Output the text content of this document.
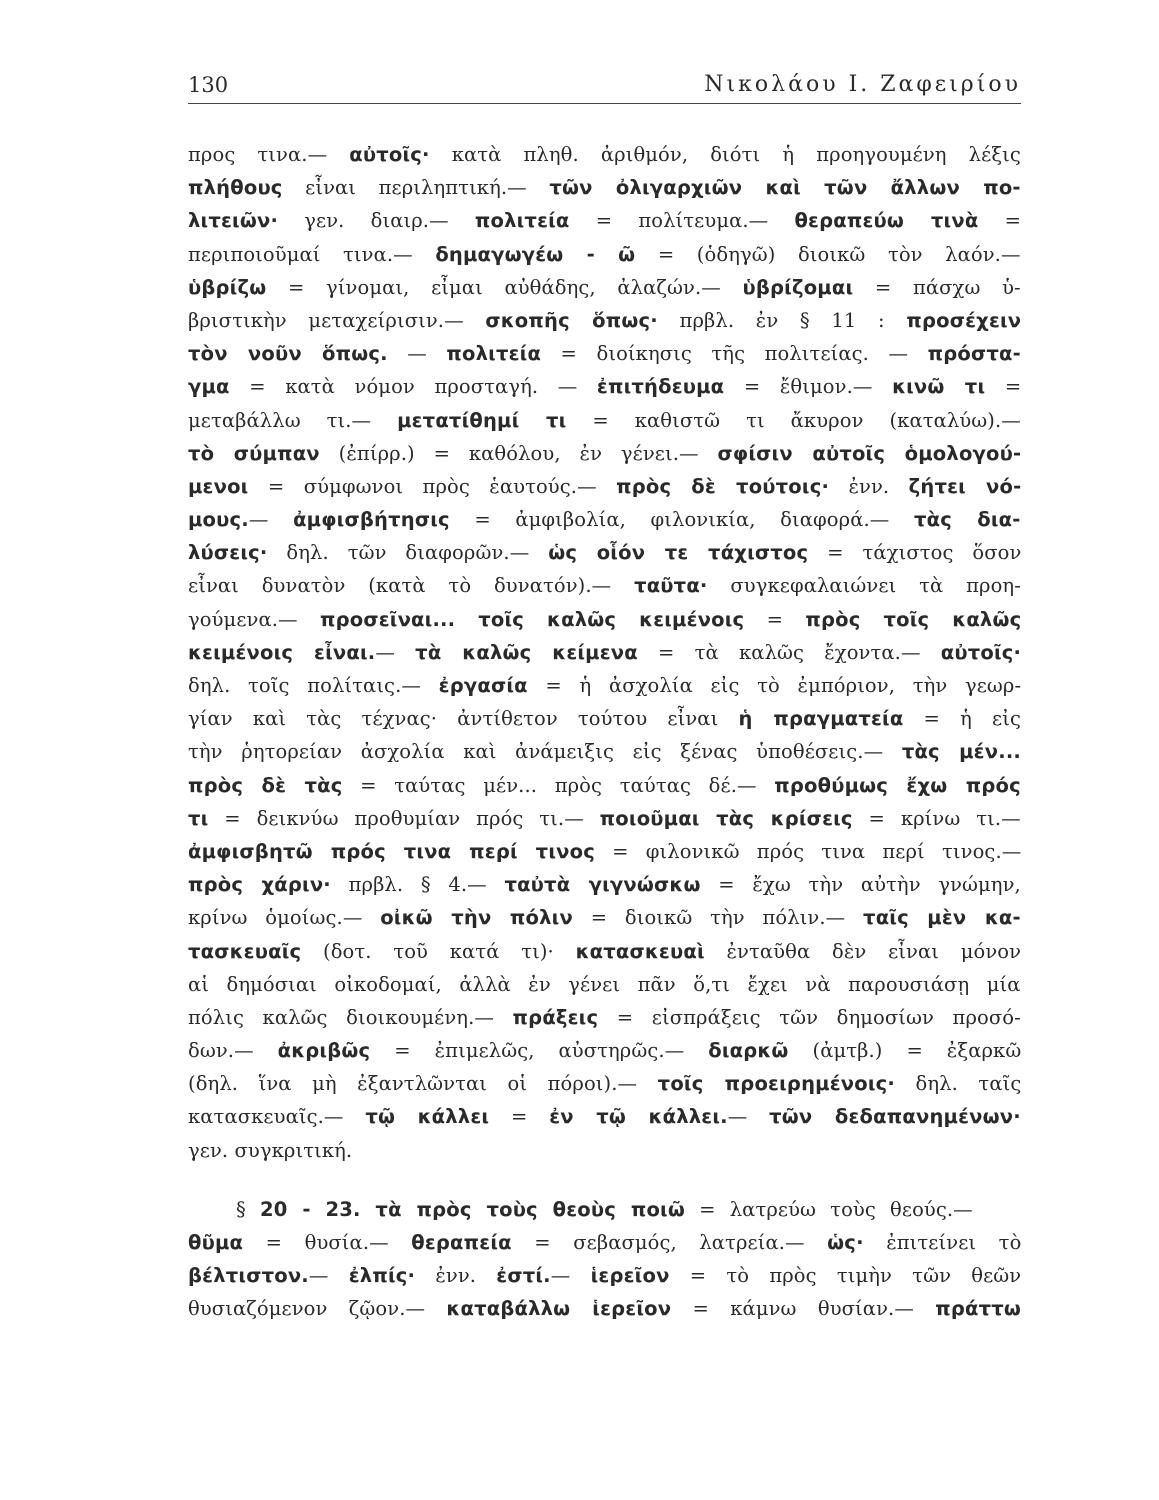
130	Νικολάου Ι. Ζαφειρίου
προς τινα.— αὐτοῖς· κατὰ πληθ. ἀριθμόν, διότι ἡ προηγουμένη λέξις
πλήθους εἶναι περιληπτική.— τῶν ὀλιγαρχιῶν καὶ τῶν ἄλλων πο-
λιτειῶν· γεν. διαιρ.— πολιτεία = πολίτευμα.— θεραπεύω τινὰ =
περιποιοῦμαί τινα.— δημαγωγέω - ῶ = (ὁδηγῶ) διοικῶ τὸν λαόν.—
ὑβρίζω = γίνομαι, εἶμαι αὐθάδης, ἀλαζών.— ὑβρίζομαι = πάσχω ὑ-
βριστικὴν μεταχείρισιν.— σκοπῆς ὅπως· πρβλ. ἐν § 11 : προσέχειν
τὸν νοῦν ὅπως. — πολιτεία = διοίκησις τῆς πολιτείας. — πρόστα-
γμα = κατὰ νόμον προσταγή. — ἐπιτήδευμα = ἔθιμον.— κινῶ τι =
μεταβάλλω τι.— μετατίθημί τι = καθιστῶ τι ἄκυρον (καταλύω).—
τὸ σύμπαν (ἐπίρρ.) = καθόλου, ἐν γένει.— σφίσιν αὐτοῖς ὁμολογού-
μενοι = σύμφωνοι πρὸς ἑαυτούς.— πρὸς δὲ τούτοις· ἐνν. ζήτει νό-
μους.— ἀμφισβήτησις = ἀμφιβολία, φιλονικία, διαφορά.— τὰς δια-
λύσεις· δηλ. τῶν διαφορῶν.— ὡς οἷόν τε τάχιστος = τάχιστος ὅσον
εἶναι δυνατὸν (κατὰ τὸ δυνατόν).— ταῦτα· συγκεφαλαιώνει τὰ προη-
γούμενα.— προσεῖναι... τοῖς καλῶς κειμένοις = πρὸς τοῖς καλῶς
κειμένοις εἶναι.— τὰ καλῶς κείμενα = τὰ καλῶς ἔχοντα.— αὐτοῖς·
δηλ. τοῖς πολίταις.— ἐργασία = ἡ ἀσχολία εἰς τὸ ἐμπόριον, τὴν γεωρ-
γίαν καὶ τὰς τέχνας· ἀντίθετον τούτου εἶναι ἡ πραγματεία = ἡ εἰς
τὴν ῥητορείαν ἀσχολία καὶ ἀνάμειξις εἰς ξένας ὑποθέσεις.— τὰς μέν...
πρὸς δὲ τὰς = ταύτας μέν... πρὸς ταύτας δέ.— προθύμως ἔχω πρός
τι = δεικνύω προθυμίαν πρός τι.— ποιοῦμαι τὰς κρίσεις = κρίνω τι.—
ἀμφισβητῶ πρός τινα περί τινος = φιλονικῶ πρός τινα περί τινος.—
πρὸς χάριν· πρβλ. § 4.— ταὐτὰ γιγνώσκω = ἔχω τὴν αὐτὴν γνώμην,
κρίνω ὁμοίως.— οἰκῶ τὴν πόλιν = διοικῶ τὴν πόλιν.— ταῖς μὲν κα-
τασκευαῖς (δοτ. τοῦ κατά τι)· κατασκευαὶ ἐνταῦθα δὲν εἶναι μόνον
αἱ δημόσιαι οἰκοδομαί, ἀλλὰ ἐν γένει πᾶν ὅ,τι ἔχει νὰ παρουσιάσῃ μία
πόλις καλῶς διοικουμένη.— πράξεις = εἰσπράξεις τῶν δημοσίων προσό-
δων.— ἀκριβῶς = ἐπιμελῶς, αὐστηρῶς.— διαρκῶ (ἀμτβ.) = ἐξαρκῶ
(δηλ. ἵνα μὴ ἐξαντλῶνται οἱ πόροι).— τοῖς προειρημένοις· δηλ. ταῖς
κατασκευαῖς.— τῷ κάλλει = ἐν τῷ κάλλει.— τῶν δεδαπανημένων·
γεν. συγκριτική.
§ 20 - 23. τὰ πρὸς τοὺς θεοὺς ποιῶ = λατρεύω τοὺς θεούς.—
θῦμα = θυσία.— θεραπεία = σεβασμός, λατρεία.— ὡς· ἐπιτείνει τὸ
βέλτιστον.— ἐλπίς· ἐνν. ἐστί.— ἱερεῖον = τὸ πρὸς τιμὴν τῶν θεῶν
θυσιαζόμενον ζῷον.— καταβάλλω ἱερεῖον = κάμνω θυσίαν.— πράττω
